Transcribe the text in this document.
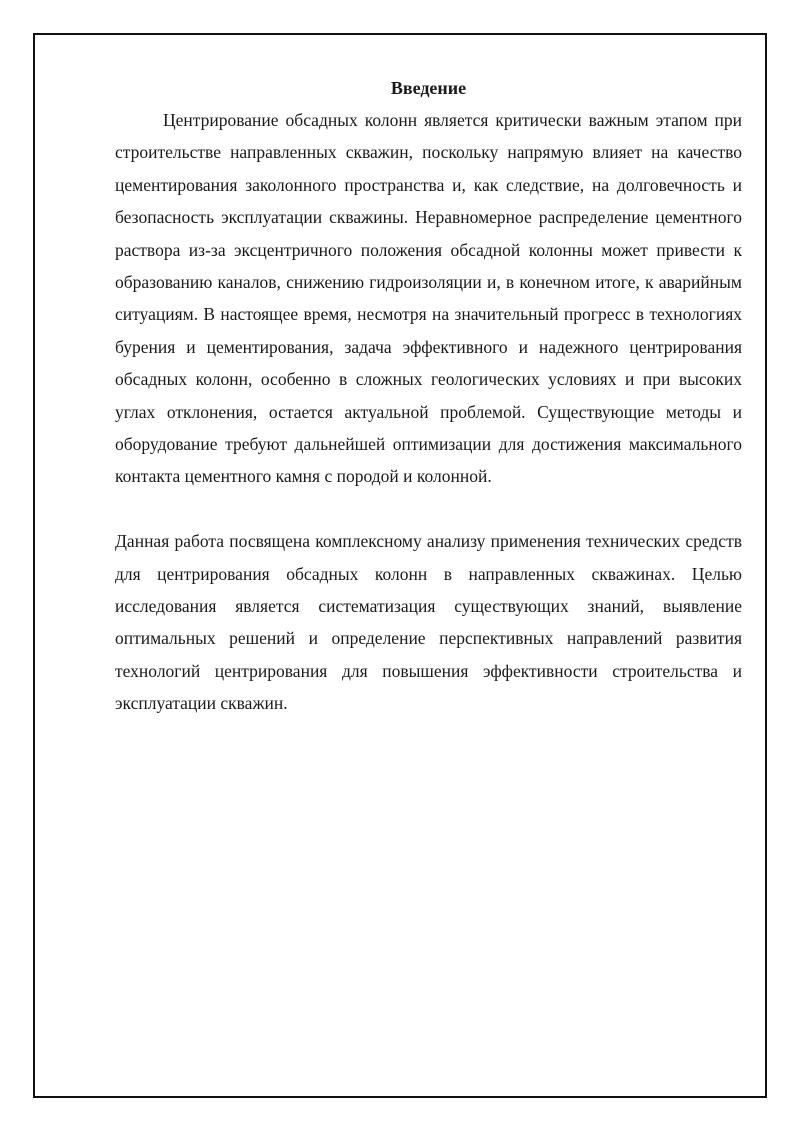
Введение

Центрирование обсадных колонн является критически важным этапом при строительстве направленных скважин, поскольку напрямую влияет на качество цементирования заколонного пространства и, как следствие, на долговечность и безопасность эксплуатации скважины. Неравномерное распределение цементного раствора из-за эксцентричного положения обсадной колонны может привести к образованию каналов, снижению гидроизоляции и, в конечном итоге, к аварийным ситуациям. В настоящее время, несмотря на значительный прогресс в технологиях бурения и цементирования, задача эффективного и надежного центрирования обсадных колонн, особенно в сложных геологических условиях и при высоких углах отклонения, остается актуальной проблемой. Существующие методы и оборудование требуют дальнейшей оптимизации для достижения максимального контакта цементного камня с породой и колонной.

Данная работа посвящена комплексному анализу применения технических средств для центрирования обсадных колонн в направленных скважинах. Целью исследования является систематизация существующих знаний, выявление оптимальных решений и определение перспективных направлений развития технологий центрирования для повышения эффективности строительства и эксплуатации скважин.
